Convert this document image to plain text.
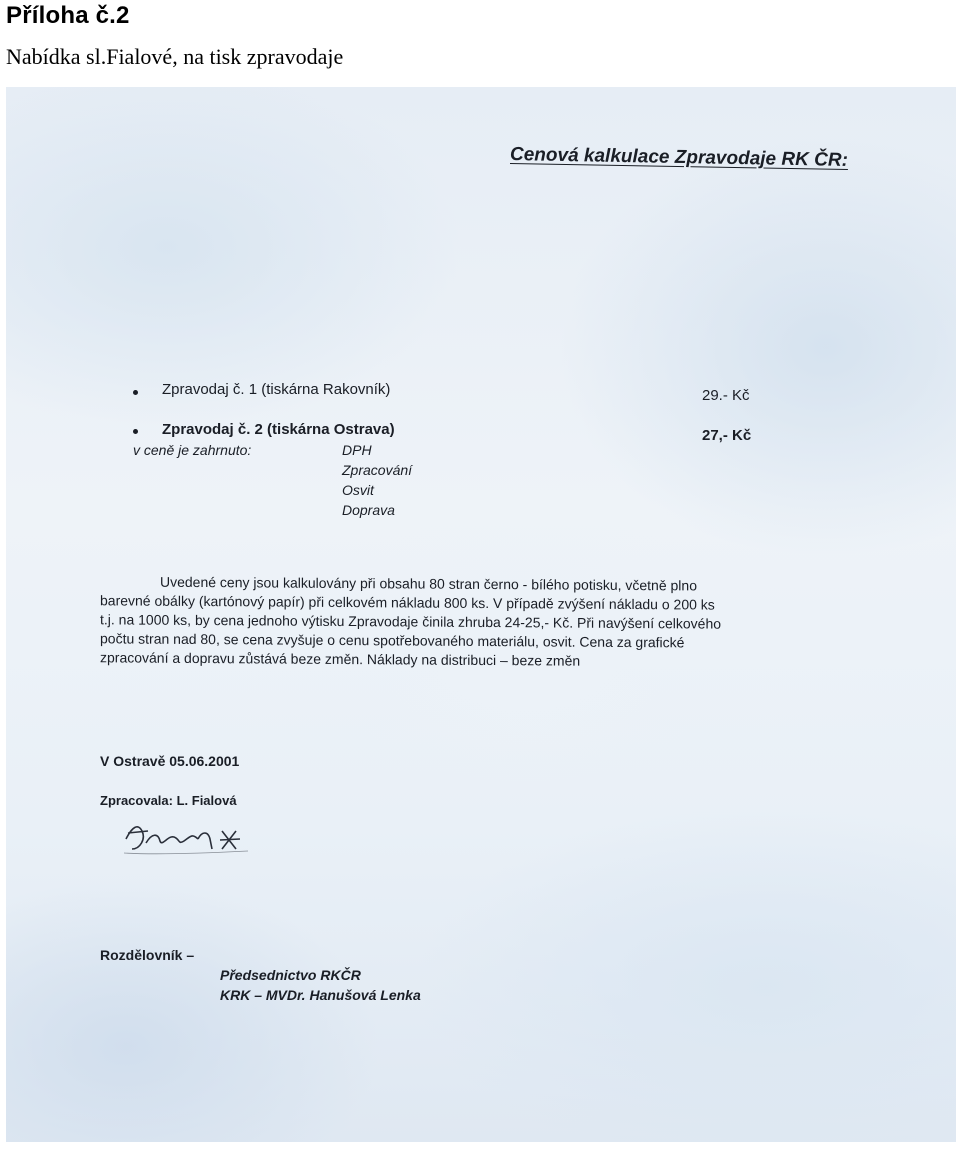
Příloha č.2
Nabídka sl.Fialové, na tisk zpravodaje
Cenová kalkulace Zpravodaje RK ČR:
Zpravodaj č. 1 (tiskárna Rakovník)	29.- Kč
Zpravodaj č. 2 (tiskárna Ostrava)	27,- Kč
v ceně je zahrnuto:	DPH
Zpracování
Osvit
Doprava
Uvedené ceny jsou kalkulovány při obsahu 80 stran černo - bílého potisku, včetně plno
barevné obálky (kartónový papír) při celkovém nákladu 800 ks. V případě zvýšení nákladu o 200 ks
t.j. na 1000 ks, by cena jednoho výtisku Zpravodaje činila zhruba 24-25,- Kč. Při navýšení celkového
počtu stran nad 80, se cena zvyšuje o cenu spotřebovaného materiálu, osvit. Cena za grafické
zpracování a dopravu zůstává beze změn. Náklady na distribuci – beze změn
V Ostravě 05.06.2001
Zpracovala: L. Fialová
Rozdělovník –
Předsednictvo RKČR
KRK – MVDr. Hanušová Lenka
